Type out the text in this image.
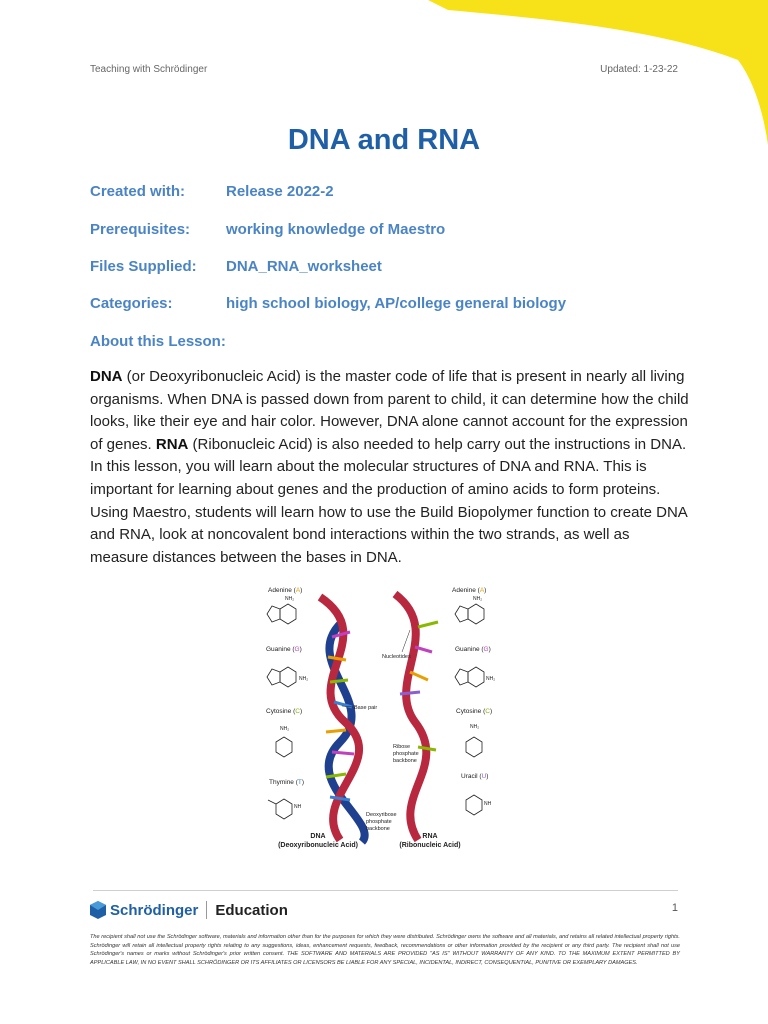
Teaching with Schrödinger	Updated: 1-23-22
DNA and RNA
Created with:	Release 2022-2
Prerequisites: working knowledge of Maestro
Files Supplied: DNA_RNA_worksheet
Categories:	high school biology, AP/college general biology
About this Lesson:
DNA (or Deoxyribonucleic Acid) is the master code of life that is present in nearly all living organisms. When DNA is passed down from parent to child, it can determine how the child looks, like their eye and hair color. However, DNA alone cannot account for the expression of genes. RNA (Ribonucleic Acid) is also needed to help carry out the instructions in DNA. In this lesson, you will learn about the molecular structures of DNA and RNA. This is important for learning about genes and the production of amino acids to form proteins. Using Maestro, students will learn how to use the Build Biopolymer function to create DNA and RNA, look at noncovalent bond interactions within the two strands, as well as measure distances between the bases in DNA.
Adenine (A)
Guanine (G)
Cytosine (C)
Thymine (T)
NH₂
NH₂
NH₂
NH
Nucleotides
Base pair
Ribose
phosphate
backbone
Deoxyribose
phosphate
backbone
Adenine (A)
Guanine (G)
Cytosine (C)
Uracil (U)
NH₂
NH₂
NH₂
NH
DNA
(Deoxyribonucleic Acid)
RNA
(Ribonucleic Acid)
Schrödinger Education	1
The recipient shall not use the Schrödinger software, materials and information other than for the purposes for which they were distributed. Schrödinger owns the software and all materials, and retains all related intellectual property rights. Schrödinger will retain all intellectual property rights relating to any suggestions, ideas, enhancement requests, feedback, recommendations or other information provided by the recipient or any third party. The recipient shall not use Schrödinger's names or marks without Schrödinger's prior written consent. THE SOFTWARE AND MATERIALS ARE PROVIDED "AS IS" WITHOUT WARRANTY OF ANY KIND. TO THE MAXIMUM EXTENT PERMITTED BY APPLICABLE LAW, IN NO EVENT SHALL SCHRÖDINGER OR ITS AFFILIATES OR LICENSORS BE LIABLE FOR ANY SPECIAL, INCIDENTAL, INDIRECT, CONSEQUENTIAL, PUNITIVE OR EXEMPLARY DAMAGES.
